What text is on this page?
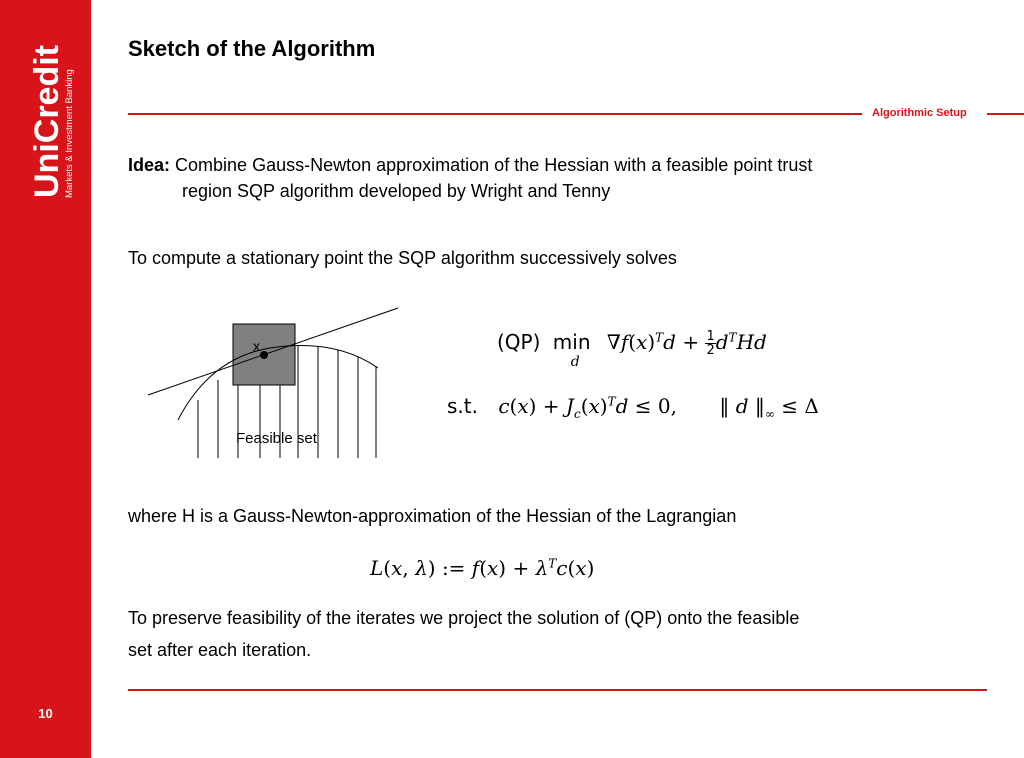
UniCredit
Markets & Investment Banking
10
Sketch of the Algorithm
Algorithmic Setup
Idea: Combine Gauss-Newton approximation of the Hessian with a feasible point trust
region SQP algorithm developed by Wright and Tenny
To compute a stationary point the SQP algorithm successively solves
x
Feasible set
(QP) min
d
$\nabla f(x)^Td + \frac{1}{2} d^THd$
s.t. $c(x) + J_c(x)^Td \le 0$, ‖ d $‖_\infty \le \Delta$
where H is a Gauss-Newton-approximation of the Hessian of the Lagrangian
L(x, λ) := $f(x) + \lambda^Tc(x)$
To preserve feasibility of the iterates we project the solution of (QP) onto the feasible
set after each iteration.
